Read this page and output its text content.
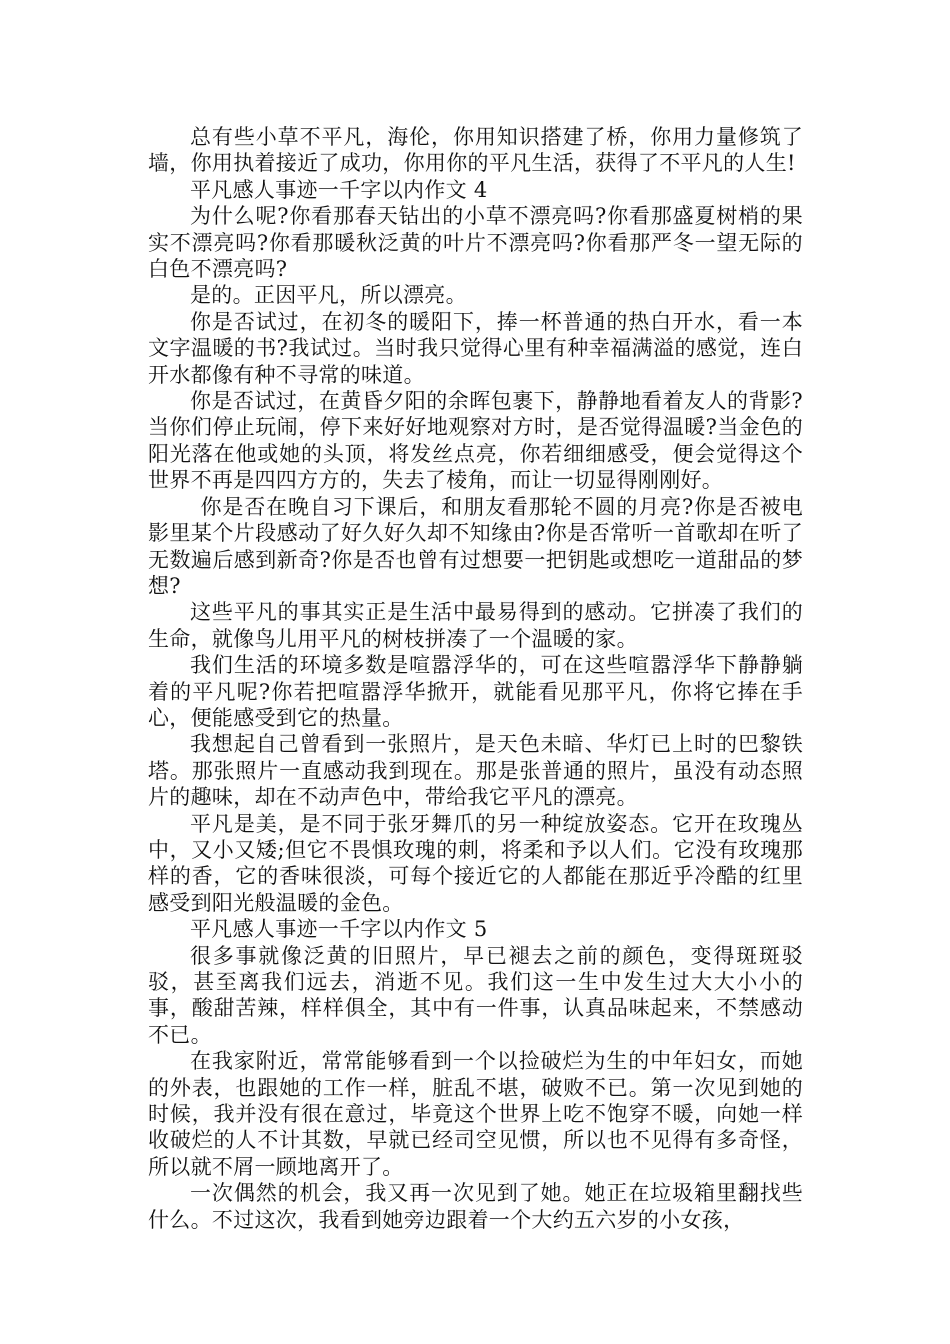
总有些小草不平凡，海伦，你用知识搭建了桥，你用力量修筑了墙，你用执着接近了成功，你用你的平凡生活，获得了不平凡的人生!

平凡感人事迹一千字以内作文 4

为什么呢?你看那春天钻出的小草不漂亮吗?你看那盛夏树梢的果实不漂亮吗?你看那暖秋泛黄的叶片不漂亮吗?你看那严冬一望无际的白色不漂亮吗?

是的。正因平凡，所以漂亮。

你是否试过，在初冬的暖阳下，捧一杯普通的热白开水，看一本文字温暖的书?我试过。当时我只觉得心里有种幸福满溢的感觉，连白开水都像有种不寻常的味道。

你是否试过，在黄昏夕阳的余晖包裹下，静静地看着友人的背影?当你们停止玩闹，停下来好好地观察对方时，是否觉得温暖?当金色的阳光落在他或她的头顶，将发丝点亮，你若细细感受，便会觉得这个世界不再是四四方方的，失去了棱角，而让一切显得刚刚好。

你是否在晚自习下课后，和朋友看那轮不圆的月亮?你是否被电影里某个片段感动了好久好久却不知缘由?你是否常听一首歌却在听了无数遍后感到新奇?你是否也曾有过想要一把钥匙或想吃一道甜品的梦想?

这些平凡的事其实正是生活中最易得到的感动。它拼凑了我们的生命，就像鸟儿用平凡的树枝拼凑了一个温暖的家。

我们生活的环境多数是喧嚣浮华的，可在这些喧嚣浮华下静静躺着的平凡呢?你若把喧嚣浮华掀开，就能看见那平凡，你将它捧在手心，便能感受到它的热量。

我想起自己曾看到一张照片，是天色未暗、华灯已上时的巴黎铁塔。那张照片一直感动我到现在。那是张普通的照片，虽没有动态照片的趣味，却在不动声色中，带给我它平凡的漂亮。

平凡是美，是不同于张牙舞爪的另一种绽放姿态。它开在玫瑰丛中，又小又矮;但它不畏惧玫瑰的刺，将柔和予以人们。它没有玫瑰那样的香，它的香味很淡，可每个接近它的人都能在那近乎冷酷的红里感受到阳光般温暖的金色。

平凡感人事迹一千字以内作文 5

很多事就像泛黄的旧照片，早已褪去之前的颜色，变得斑斑驳驳，甚至离我们远去，消逝不见。我们这一生中发生过大大小小的事，酸甜苦辣，样样俱全，其中有一件事，认真品味起来，不禁感动不已。

在我家附近，常常能够看到一个以捡破烂为生的中年妇女，而她的外表，也跟她的工作一样，脏乱不堪，破败不已。第一次见到她的时候，我并没有很在意过，毕竟这个世界上吃不饱穿不暖，向她一样收破烂的人不计其数，早就已经司空见惯，所以也不见得有多奇怪，所以就不屑一顾地离开了。

一次偶然的机会，我又再一次见到了她。她正在垃圾箱里翻找些什么。不过这次，我看到她旁边跟着一个大约五六岁的小女孩，
